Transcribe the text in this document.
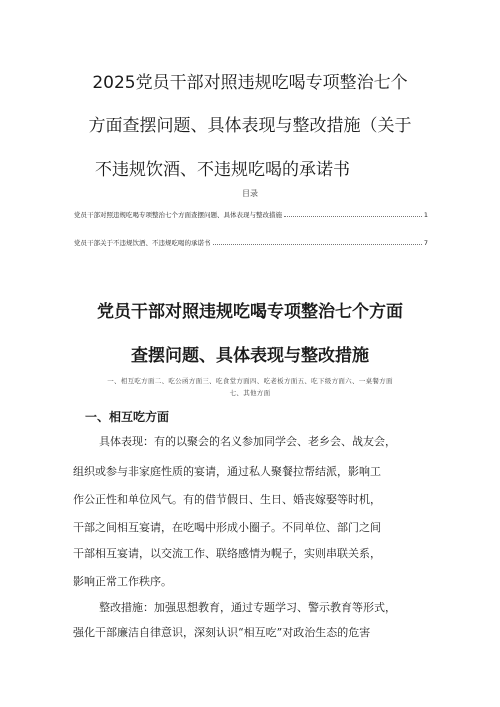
2025党员干部对照违规吃喝专项整治七个
方面查摆问题、具体表现与整改措施（关于
不违规饮酒、不违规吃喝的承诺书
目录
党员干部对照违规吃喝专项整治七个方面查摆问题、具体表现与整改措施	1
党员干部关于不违规饮酒、不违规吃喝的承诺书	7
党员干部对照违规吃喝专项整治七个方面
查摆问题、具体表现与整改措施
一、相互吃方面二、吃公函方面三、吃食堂方面四、吃老板方面五、吃下级方面六、一桌餐方面
七、其他方面
一、相互吃方面

具体表现：有的以聚会的名义参加同学会、老乡会、战友会，

组织或参与非家庭性质的宴请，通过私人聚餐拉帮结派，影响工

作公正性和单位风气。有的借节假日、生日、婚丧嫁娶等时机，

干部之间相互宴请，在吃喝中形成小圈子。不同单位、部门之间

干部相互宴请，以交流工作、联络感情为幌子，实则串联关系，

影响正常工作秩序。

整改措施：加强思想教育，通过专题学习、警示教育等形式，

强化干部廉洁自律意识，深刻认识“相互吃”对政治生态的危害
